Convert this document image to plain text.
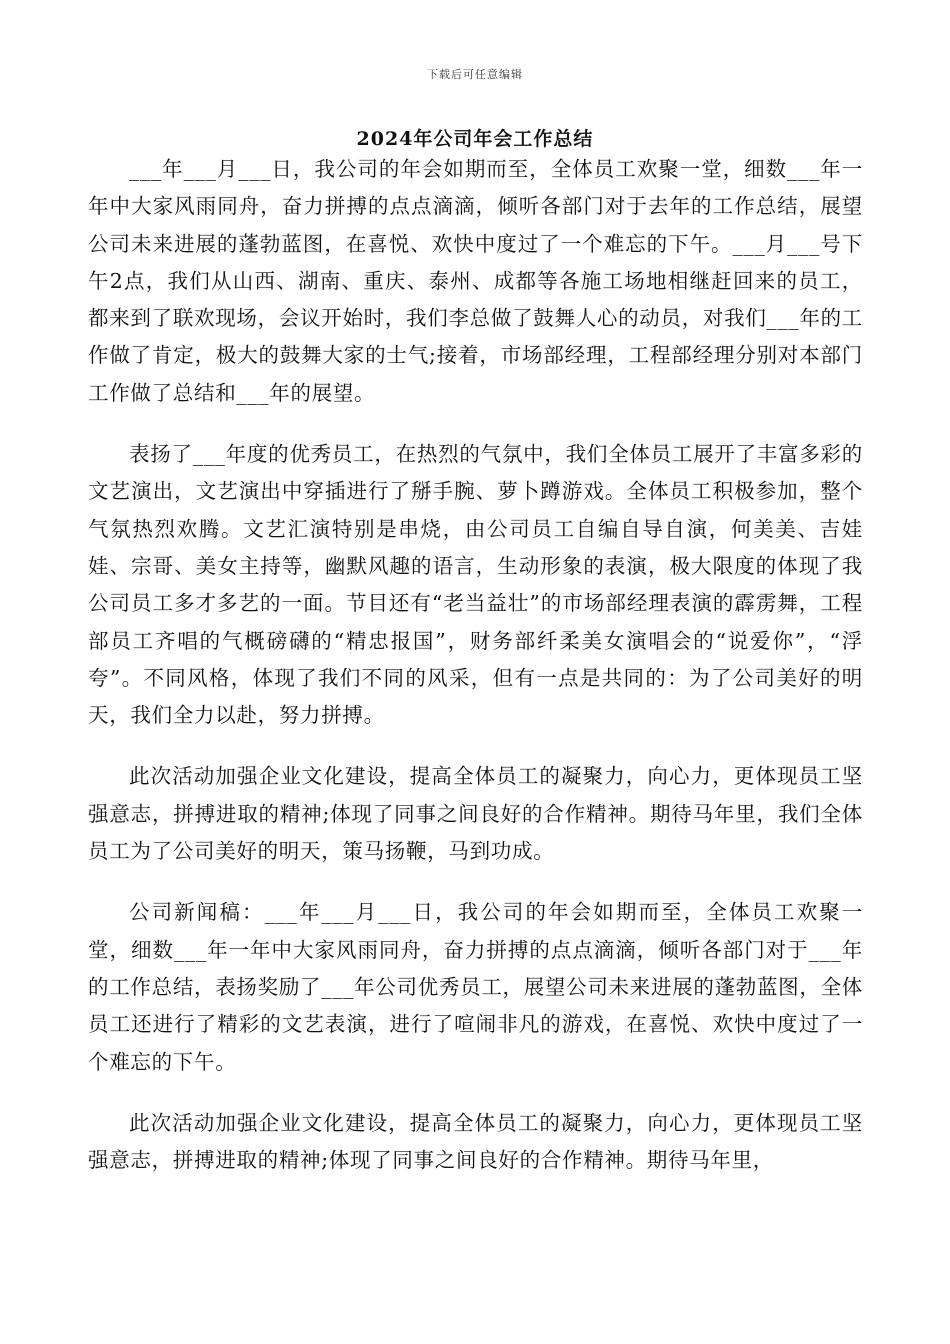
下载后可任意编辑
2024年公司年会工作总结

___年___月___日，我公司的年会如期而至，全体员工欢聚一堂，细数___年一年中大家风雨同舟，奋力拼搏的点点滴滴，倾听各部门对于去年的工作总结，展望公司未来进展的蓬勃蓝图，在喜悦、欢快中度过了一个难忘的下午。___月___号下午2点，我们从山西、湖南、重庆、泰州、成都等各施工场地相继赶回来的员工，都来到了联欢现场，会议开始时，我们李总做了鼓舞人心的动员，对我们___年的工作做了肯定，极大的鼓舞大家的士气;接着，市场部经理，工程部经理分别对本部门工作做了总结和___年的展望。

表扬了___年度的优秀员工，在热烈的气氛中，我们全体员工展开了丰富多彩的文艺演出，文艺演出中穿插进行了掰手腕、萝卜蹲游戏。全体员工积极参加，整个气氛热烈欢腾。文艺汇演特别是串烧，由公司员工自编自导自演，何美美、吉娃娃、宗哥、美女主持等，幽默风趣的语言，生动形象的表演，极大限度的体现了我公司员工多才多艺的一面。节目还有“老当益壮”的市场部经理表演的霹雳舞，工程部员工齐唱的气概磅礴的“精忠报国”，财务部纤柔美女演唱会的“说爱你”，“浮夸”。不同风格，体现了我们不同的风采，但有一点是共同的：为了公司美好的明天，我们全力以赴，努力拼搏。

此次活动加强企业文化建设，提高全体员工的凝聚力，向心力，更体现员工坚强意志，拼搏进取的精神;体现了同事之间良好的合作精神。期待马年里，我们全体员工为了公司美好的明天，策马扬鞭，马到功成。

公司新闻稿：___年___月___日，我公司的年会如期而至，全体员工欢聚一堂，细数___年一年中大家风雨同舟，奋力拼搏的点点滴滴，倾听各部门对于___年的工作总结，表扬奖励了___年公司优秀员工，展望公司未来进展的蓬勃蓝图，全体员工还进行了精彩的文艺表演，进行了喧闹非凡的游戏，在喜悦、欢快中度过了一个难忘的下午。

此次活动加强企业文化建设，提高全体员工的凝聚力，向心力，更体现员工坚强意志，拼搏进取的精神;体现了同事之间良好的合作精神。期待马年里，
